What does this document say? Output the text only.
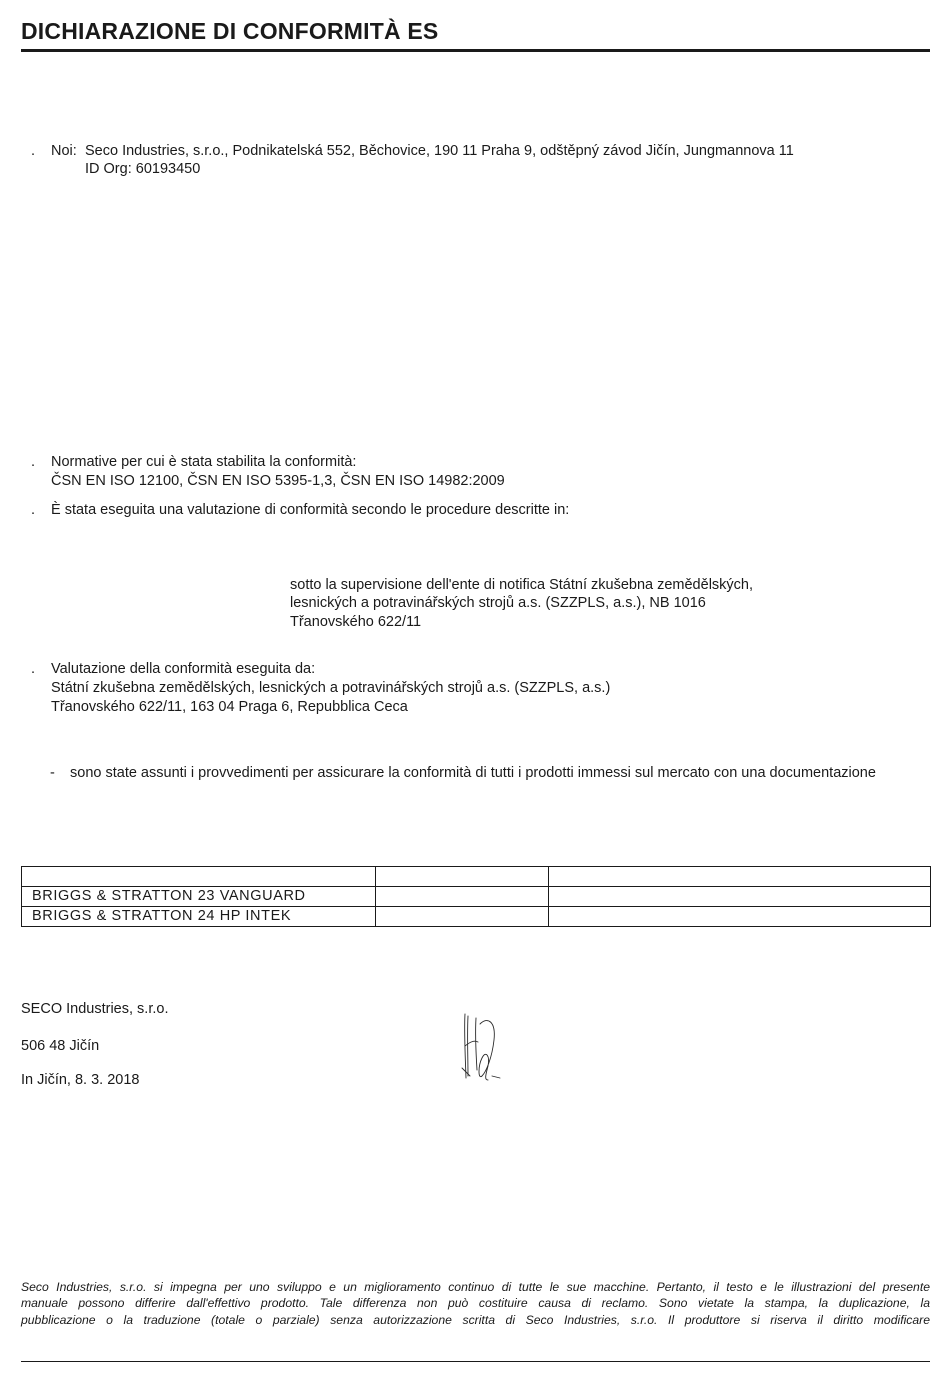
DICHIARAZIONE DI CONFORMITÀ ES
. Noi: Seco Industries, s.r.o., Podnikatelská 552, Běchovice, 190 11 Praha 9, odštěpný závod Jičín, Jungmannova 11
ID Org: 60193450
. Normative per cui è stata stabilita la conformità:
ČSN EN ISO 12100, ČSN EN ISO 5395-1,3, ČSN EN ISO 14982:2009
. È stata eseguita una valutazione di conformità secondo le procedure descritte in:
sotto la supervisione dell'ente di notifica Státní zkušebna zemědělských,
lesnických a potravinářských strojů a.s. (SZZPLS, a.s.), NB 1016
Třanovského 622/11
. Valutazione della conformità eseguita da:
Státní zkušebna zemědělských, lesnických a potravinářských strojů a.s. (SZZPLS, a.s.)
Třanovského 622/11, 163 04 Praga 6, Repubblica Ceca
- sono state assunti i provvedimenti per assicurare la conformità di tutti i prodotti immessi sul mercato con una documentazione

BRIGGS & STRATTON 23 VANGUARD		
BRIGGS & STRATTON 24 HP INTEK		
SECO Industries, s.r.o.
506 48 Jičín
In Jičín, 8. 3. 2018
Seco Industries, s.r.o. si impegna per uno sviluppo e un miglioramento continuo di tutte le sue macchine. Pertanto, il testo e le illustrazioni del presente
manuale possono differire dall'effettivo prodotto. Tale differenza non può costituire causa di reclamo. Sono vietate la stampa, la duplicazione, la
pubblicazione o la traduzione (totale o parziale) senza autorizzazione scritta di Seco Industries, s.r.o. Il produttore si riserva il diritto modificare
